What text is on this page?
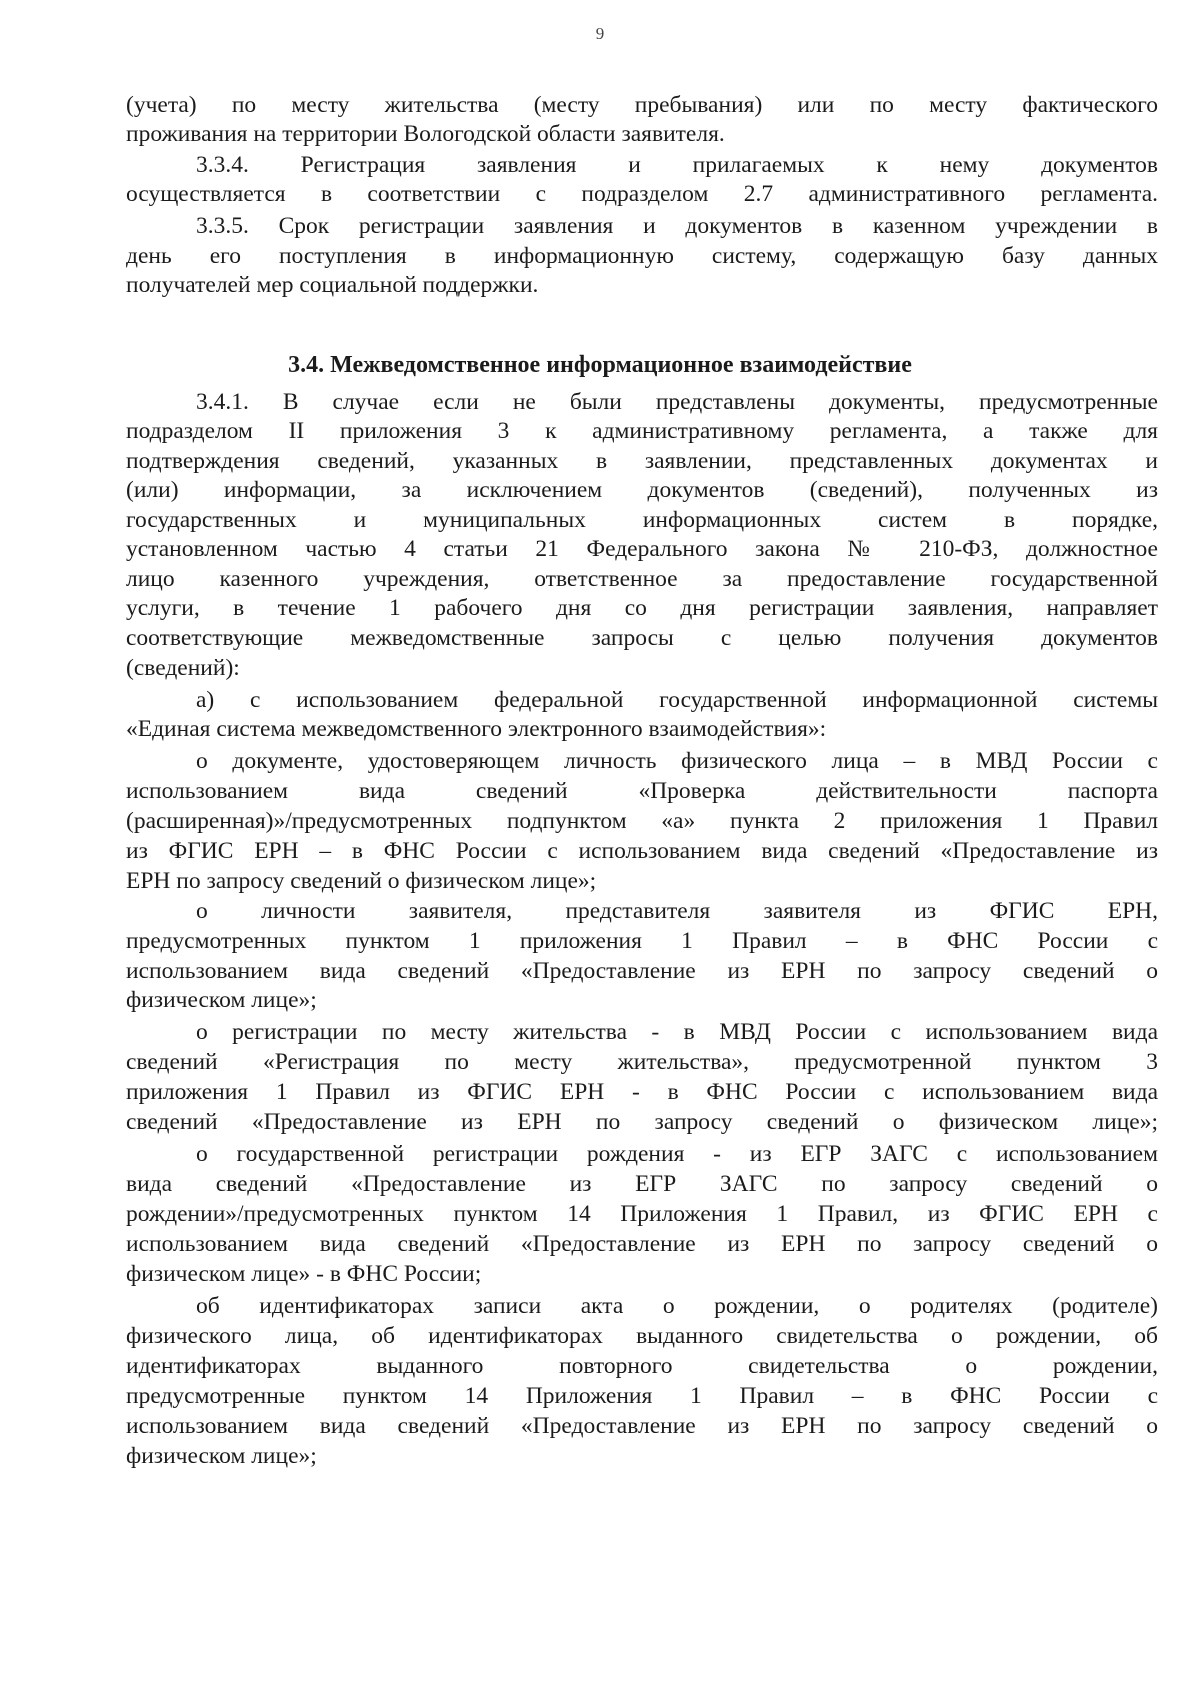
9
3.4. Межведомственное информационное взаимодействие
(учета) по месту жительства (месту пребывания) или по месту фактического
проживания на территории Вологодской области заявителя.
3.3.4. Регистрация заявления и прилагаемых к нему документов
осуществляется в соответствии с подразделом 2.7 административного регламента.
3.3.5. Срок регистрации заявления и документов в казенном учреждении в
день его поступления в информационную систему, содержащую базу данных
получателей мер социальной поддержки.
3.4.1. В случае если не были представлены документы, предусмотренные
подразделом II приложения 3 к административному регламента, а также для
подтверждения сведений, указанных в заявлении, представленных документах и
(или) информации, за исключением документов (сведений), полученных из
государственных и муниципальных информационных систем в порядке,
установленном частью 4 статьи 21 Федерального закона № 210-ФЗ, должностное
лицо казенного учреждения, ответственное за предоставление государственной
услуги, в течение 1 рабочего дня со дня регистрации заявления, направляет
соответствующие межведомственные запросы с целью получения документов
(сведений):
а) с использованием федеральной государственной информационной системы
«Единая система межведомственного электронного взаимодействия»:
о документе, удостоверяющем личность физического лица – в МВД России с
использованием вида сведений «Проверка действительности паспорта
(расширенная)»/предусмотренных подпунктом «а» пункта 2 приложения 1 Правил
из ФГИС ЕРН – в ФНС России с использованием вида сведений «Предоставление из
ЕРН по запросу сведений о физическом лице»;
о личности заявителя, представителя заявителя из ФГИС ЕРН,
предусмотренных пунктом 1 приложения 1 Правил – в ФНС России с
использованием вида сведений «Предоставление из ЕРН по запросу сведений о
физическом лице»;
о регистрации по месту жительства - в МВД России с использованием вида
сведений «Регистрация по месту жительства», предусмотренной пунктом 3
приложения 1 Правил из ФГИС ЕРН - в ФНС России с использованием вида
сведений «Предоставление из ЕРН по запросу сведений о физическом лице»;
о государственной регистрации рождения - из ЕГР ЗАГС с использованием
вида сведений «Предоставление из ЕГР ЗАГС по запросу сведений о
рождении»/предусмотренных пунктом 14 Приложения 1 Правил, из ФГИС ЕРН с
использованием вида сведений «Предоставление из ЕРН по запросу сведений о
физическом лице» - в ФНС России;
об идентификаторах записи акта о рождении, о родителях (родителе)
физического лица, об идентификаторах выданного свидетельства о рождении, об
идентификаторах выданного повторного свидетельства о рождении,
предусмотренные пунктом 14 Приложения 1 Правил – в ФНС России с
использованием вида сведений «Предоставление из ЕРН по запросу сведений о
физическом лице»;
